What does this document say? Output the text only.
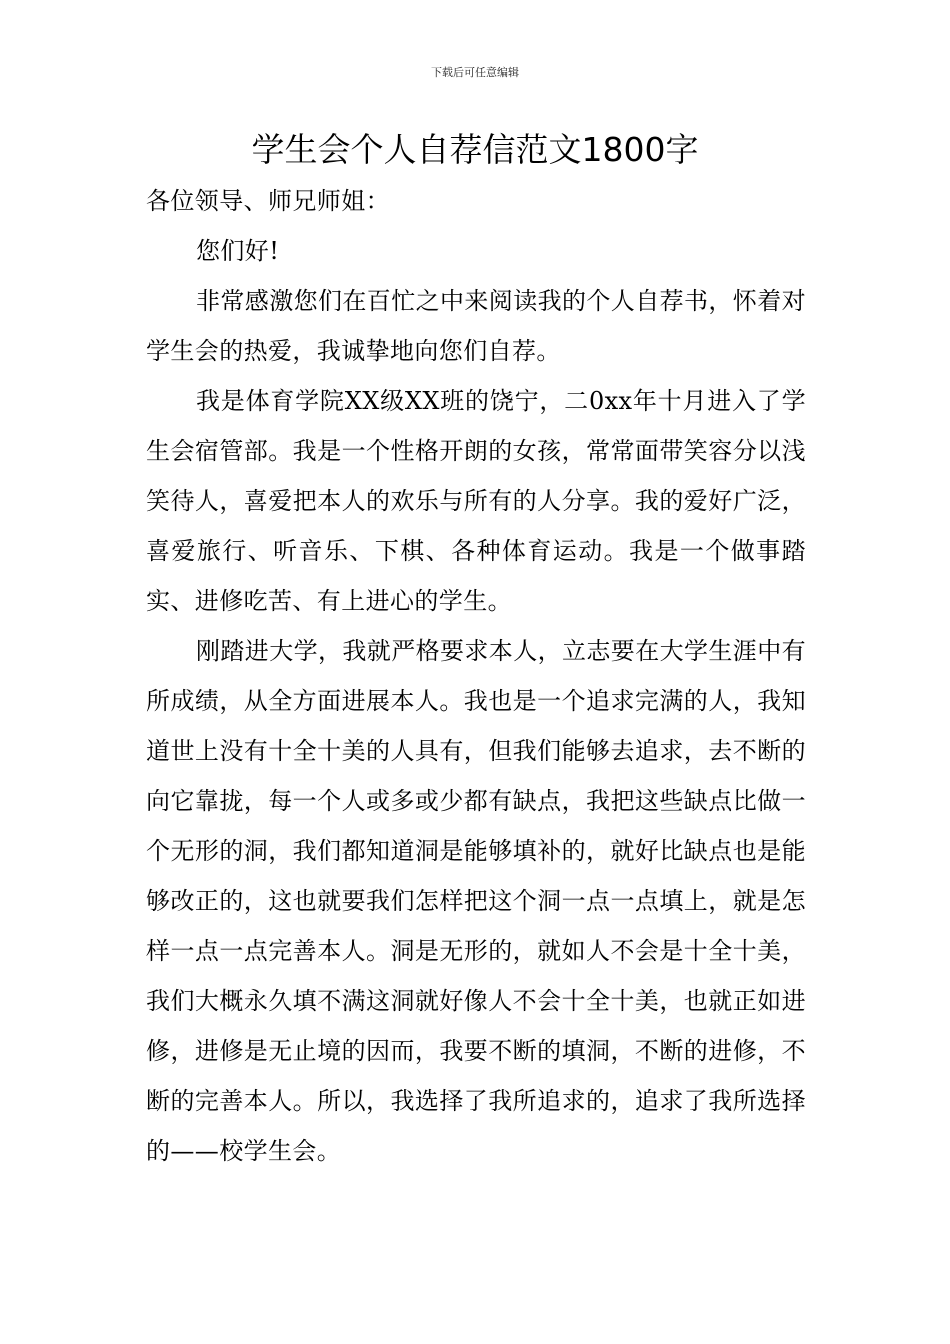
下载后可任意编辑
学生会个人自荐信范文1800字

各位领导、师兄师姐：

您们好!

非常感激您们在百忙之中来阅读我的个人自荐书，怀着对学生会的热爱，我诚挚地向您们自荐。

我是体育学院XX级XX班的饶宁，二0xx年十月进入了学生会宿管部。我是一个性格开朗的女孩，常常面带笑容分以浅笑待人，喜爱把本人的欢乐与所有的人分享。我的爱好广泛，喜爱旅行、听音乐、下棋、各种体育运动。我是一个做事踏实、进修吃苦、有上进心的学生。

刚踏进大学，我就严格要求本人，立志要在大学生涯中有所成绩，从全方面进展本人。我也是一个追求完满的人，我知道世上没有十全十美的人具有，但我们能够去追求，去不断的向它靠拢，每一个人或多或少都有缺点，我把这些缺点比做一个无形的洞，我们都知道洞是能够填补的，就好比缺点也是能够改正的，这也就要我们怎样把这个洞一点一点填上，就是怎样一点一点完善本人。洞是无形的，就如人不会是十全十美，我们大概永久填不满这洞就好像人不会十全十美，也就正如进修，进修是无止境的因而，我要不断的填洞，不断的进修，不断的完善本人。所以，我选择了我所追求的，追求了我所选择的——校学生会。
